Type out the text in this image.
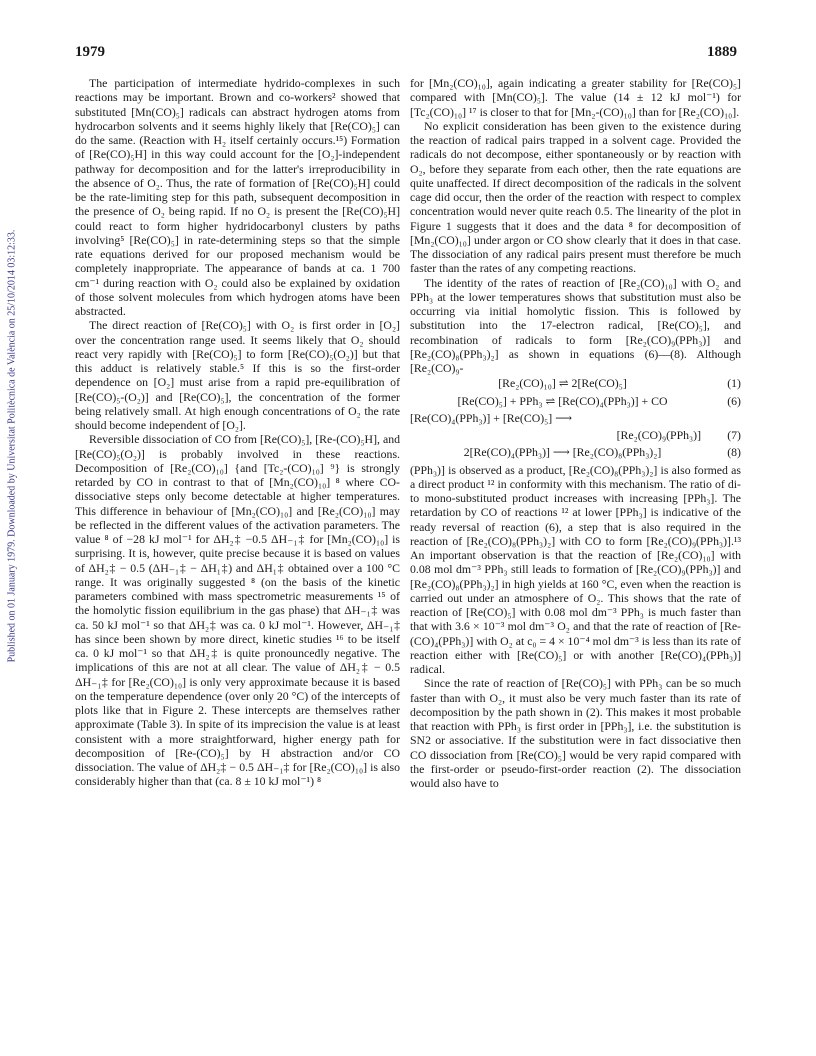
1979	1889
Published on 01 January 1979. Downloaded by Universitat Politècnica de València on 25/10/2014 03:12:33.

The participation of intermediate hydrido-complexes in such reactions may be important. Brown and co-workers² showed that substituted [Mn(CO)₅] radicals can abstract hydrogen atoms from hydrocarbon solvents and it seems highly likely that [Re(CO)₅] can do the same. (Reaction with H₂ itself certainly occurs.¹⁵) Formation of [Re(CO)₅H] in this way could account for the [O₂]-independent pathway for decomposition and for the latter's irreproducibility in the absence of O₂. Thus, the rate of formation of [Re(CO)₅H] could be the rate-limiting step for this path, subsequent decomposition in the presence of O₂ being rapid. If no O₂ is present the [Re(CO)₅H] could react to form higher hydridocarbonyl clusters by paths involving⁵ [Re(CO)₅] in rate-determining steps so that the simple rate equations derived for our proposed mechanism would be completely inappropriate. The appearance of bands at ca. 1 700 cm⁻¹ during reaction with O₂ could also be explained by oxidation of those solvent molecules from which hydrogen atoms have been abstracted.

The direct reaction of [Re(CO)₅] with O₂ is first order in [O₂] over the concentration range used. It seems likely that O₂ should react very rapidly with [Re(CO)₅] to form [Re(CO)₅(O₂)] but that this adduct is relatively stable.⁵ If this is so the first-order dependence on [O₂] must arise from a rapid pre-equilibration of [Re(CO)₅-(O₂)] and [Re(CO)₅], the concentration of the former being relatively small. At high enough concentrations of O₂ the rate should become independent of [O₂].

Reversible dissociation of CO from [Re(CO)₅], [Re-(CO)₅H], and [Re(CO)₅(O₂)] is probably involved in these reactions. Decomposition of [Re₂(CO)₁₀] {and [Tc₂-(CO)₁₀] ⁹} is strongly retarded by CO in contrast to that of [Mn₂(CO)₁₀] ⁸ where CO-dissociative steps only become detectable at higher temperatures. This difference in behaviour of [Mn₂(CO)₁₀] and [Re₂(CO)₁₀] may be reflected in the different values of the activation parameters. The value ⁸ of −28 kJ mol⁻¹ for ΔH₂‡ −0.5 ΔH₋₁‡ for [Mn₂(CO)₁₀] is surprising. It is, however, quite precise because it is based on values of ΔH₂‡ − 0.5 (ΔH₋₁‡ − ΔH₁‡) and ΔH₁‡ obtained over a 100 °C range. It was originally suggested ⁸ (on the basis of the kinetic parameters combined with mass spectrometric measurements ¹⁵ of the homolytic fission equilibrium in the gas phase) that ΔH₋₁‡ was ca. 50 kJ mol⁻¹ so that ΔH₂‡ was ca. 0 kJ mol⁻¹. However, ΔH₋₁‡ has since been shown by more direct, kinetic studies ¹⁶ to be itself ca. 0 kJ mol⁻¹ so that ΔH₂‡ is quite pronouncedly negative. The implications of this are not at all clear. The value of ΔH₂‡ − 0.5 ΔH₋₁‡ for [Re₂(CO)₁₀] is only very approximate because it is based on the temperature dependence (over only 20 °C) of the intercepts of plots like that in Figure 2. These intercepts are themselves rather approximate (Table 3). In spite of its imprecision the value is at least consistent with a more straightforward, higher energy path for decomposition of [Re-(CO)₅] by H abstraction and/or CO dissociation. The value of ΔH₂‡ − 0.5 ΔH₋₁‡ for [Re₂(CO)₁₀] is also considerably higher than that (ca. 8 ± 10 kJ mol⁻¹) ⁸

for [Mn₂(CO)₁₀], again indicating a greater stability for [Re(CO)₅] compared with [Mn(CO)₅]. The value (14 ± 12 kJ mol⁻¹) for [Tc₂(CO)₁₀] ¹⁷ is closer to that for [Mn₂-(CO)₁₀] than for [Re₂(CO)₁₀].

No explicit consideration has been given to the existence during the reaction of radical pairs trapped in a solvent cage. Provided the radicals do not decompose, either spontaneously or by reaction with O₂, before they separate from each other, then the rate equations are quite unaffected. If direct decomposition of the radicals in the solvent cage did occur, then the order of the reaction with respect to complex concentration would never quite reach 0.5. The linearity of the plot in Figure 1 suggests that it does and the data ⁸ for decomposition of [Mn₂(CO)₁₀] under argon or CO show clearly that it does in that case. The dissociation of any radical pairs present must therefore be much faster than the rates of any competing reactions.

The identity of the rates of reaction of [Re₂(CO)₁₀] with O₂ and PPh₃ at the lower temperatures shows that substitution must also be occurring via initial homolytic fission. This is followed by substitution into the 17-electron radical, [Re(CO)₅], and recombination of radicals to form [Re₂(CO)₉(PPh₃)] and [Re₂(CO)₈(PPh₃)₂] as shown in equations (6)—(8). Although [Re₂(CO)₉-

[Re₂(CO)₁₀] ⇌ 2[Re(CO)₅]	(1)
[Re(CO)₅] + PPh₃ ⇌ [Re(CO)₄(PPh₃)] + CO	(6)
[Re(CO)₄(PPh₃)] + [Re(CO)₅] ⟶
[Re₂(CO)₉(PPh₃)]	(7)
2[Re(CO)₄(PPh₃)] ⟶ [Re₂(CO)₈(PPh₃)₂]	(8)

(PPh₃)] is observed as a product, [Re₂(CO)₈(PPh₃)₂] is also formed as a direct product ¹² in conformity with this mechanism. The ratio of di- to mono-substituted product increases with increasing [PPh₃]. The retardation by CO of reactions ¹² at lower [PPh₃] is indicative of the ready reversal of reaction (6), a step that is also required in the reaction of [Re₂(CO)₈(PPh₃)₂] with CO to form [Re₂(CO)₉(PPh₃)].¹³ An important observation is that the reaction of [Re₂(CO)₁₀] with 0.08 mol dm⁻³ PPh₃ still leads to formation of [Re₂(CO)₉(PPh₃)] and [Re₂(CO)₈(PPh₃)₂] in high yields at 160 °C, even when the reaction is carried out under an atmosphere of O₂. This shows that the rate of reaction of [Re(CO)₅] with 0.08 mol dm⁻³ PPh₃ is much faster than that with 3.6 × 10⁻³ mol dm⁻³ O₂ and that the rate of reaction of [Re-(CO)₄(PPh₃)] with O₂ at c₀ = 4 × 10⁻⁴ mol dm⁻³ is less than its rate of reaction either with [Re(CO)₅] or with another [Re(CO)₄(PPh₃)] radical.

Since the rate of reaction of [Re(CO)₅] with PPh₃ can be so much faster than with O₂, it must also be very much faster than its rate of decomposition by the path shown in (2). This makes it most probable that reaction with PPh₃ is first order in [PPh₃], i.e. the substitution is SN2 or associative. If the substitution were in fact dissociative then CO dissociation from [Re(CO)₅] would be very rapid compared with the first-order or pseudo-first-order reaction (2). The dissociation would also have to
